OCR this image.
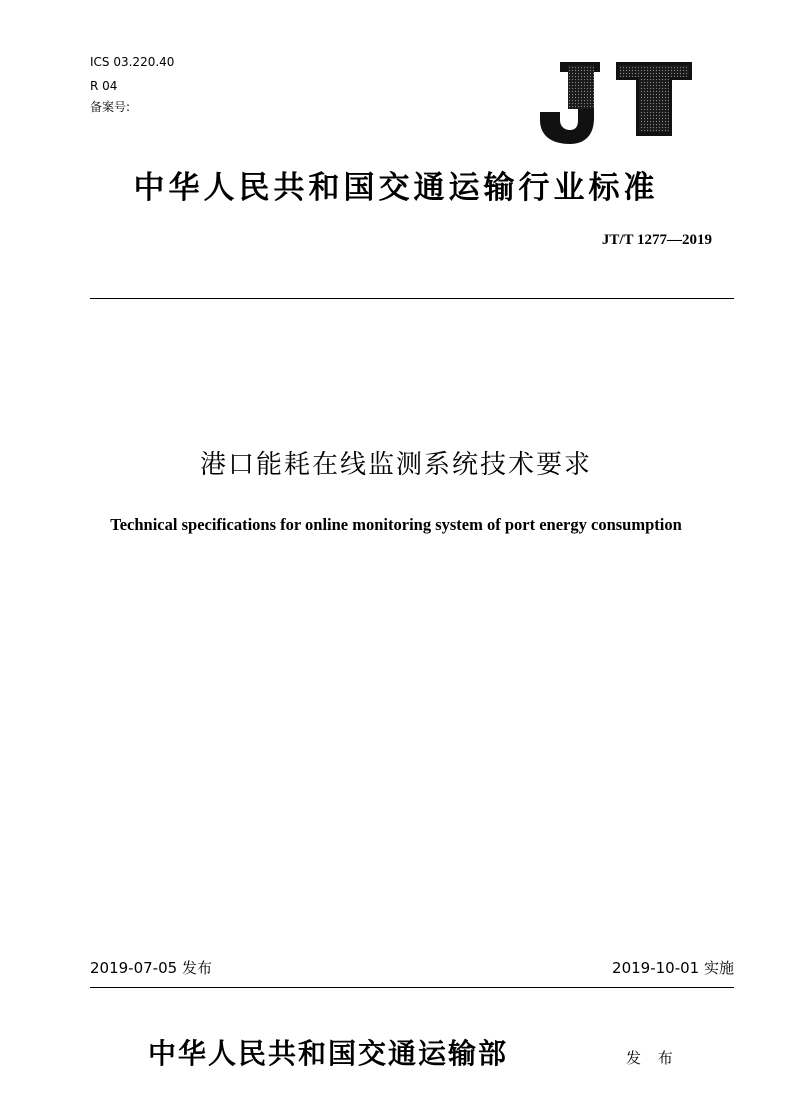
ICS 03.220.40
R 04
备案号:
中华人民共和国交通运输行业标准
JT/T 1277—2019
港口能耗在线监测系统技术要求
Technical specifications for online monitoring system of port energy consumption
2019-07-05 发布	2019-10-01 实施
中华人民共和国交通运输部	发 布
